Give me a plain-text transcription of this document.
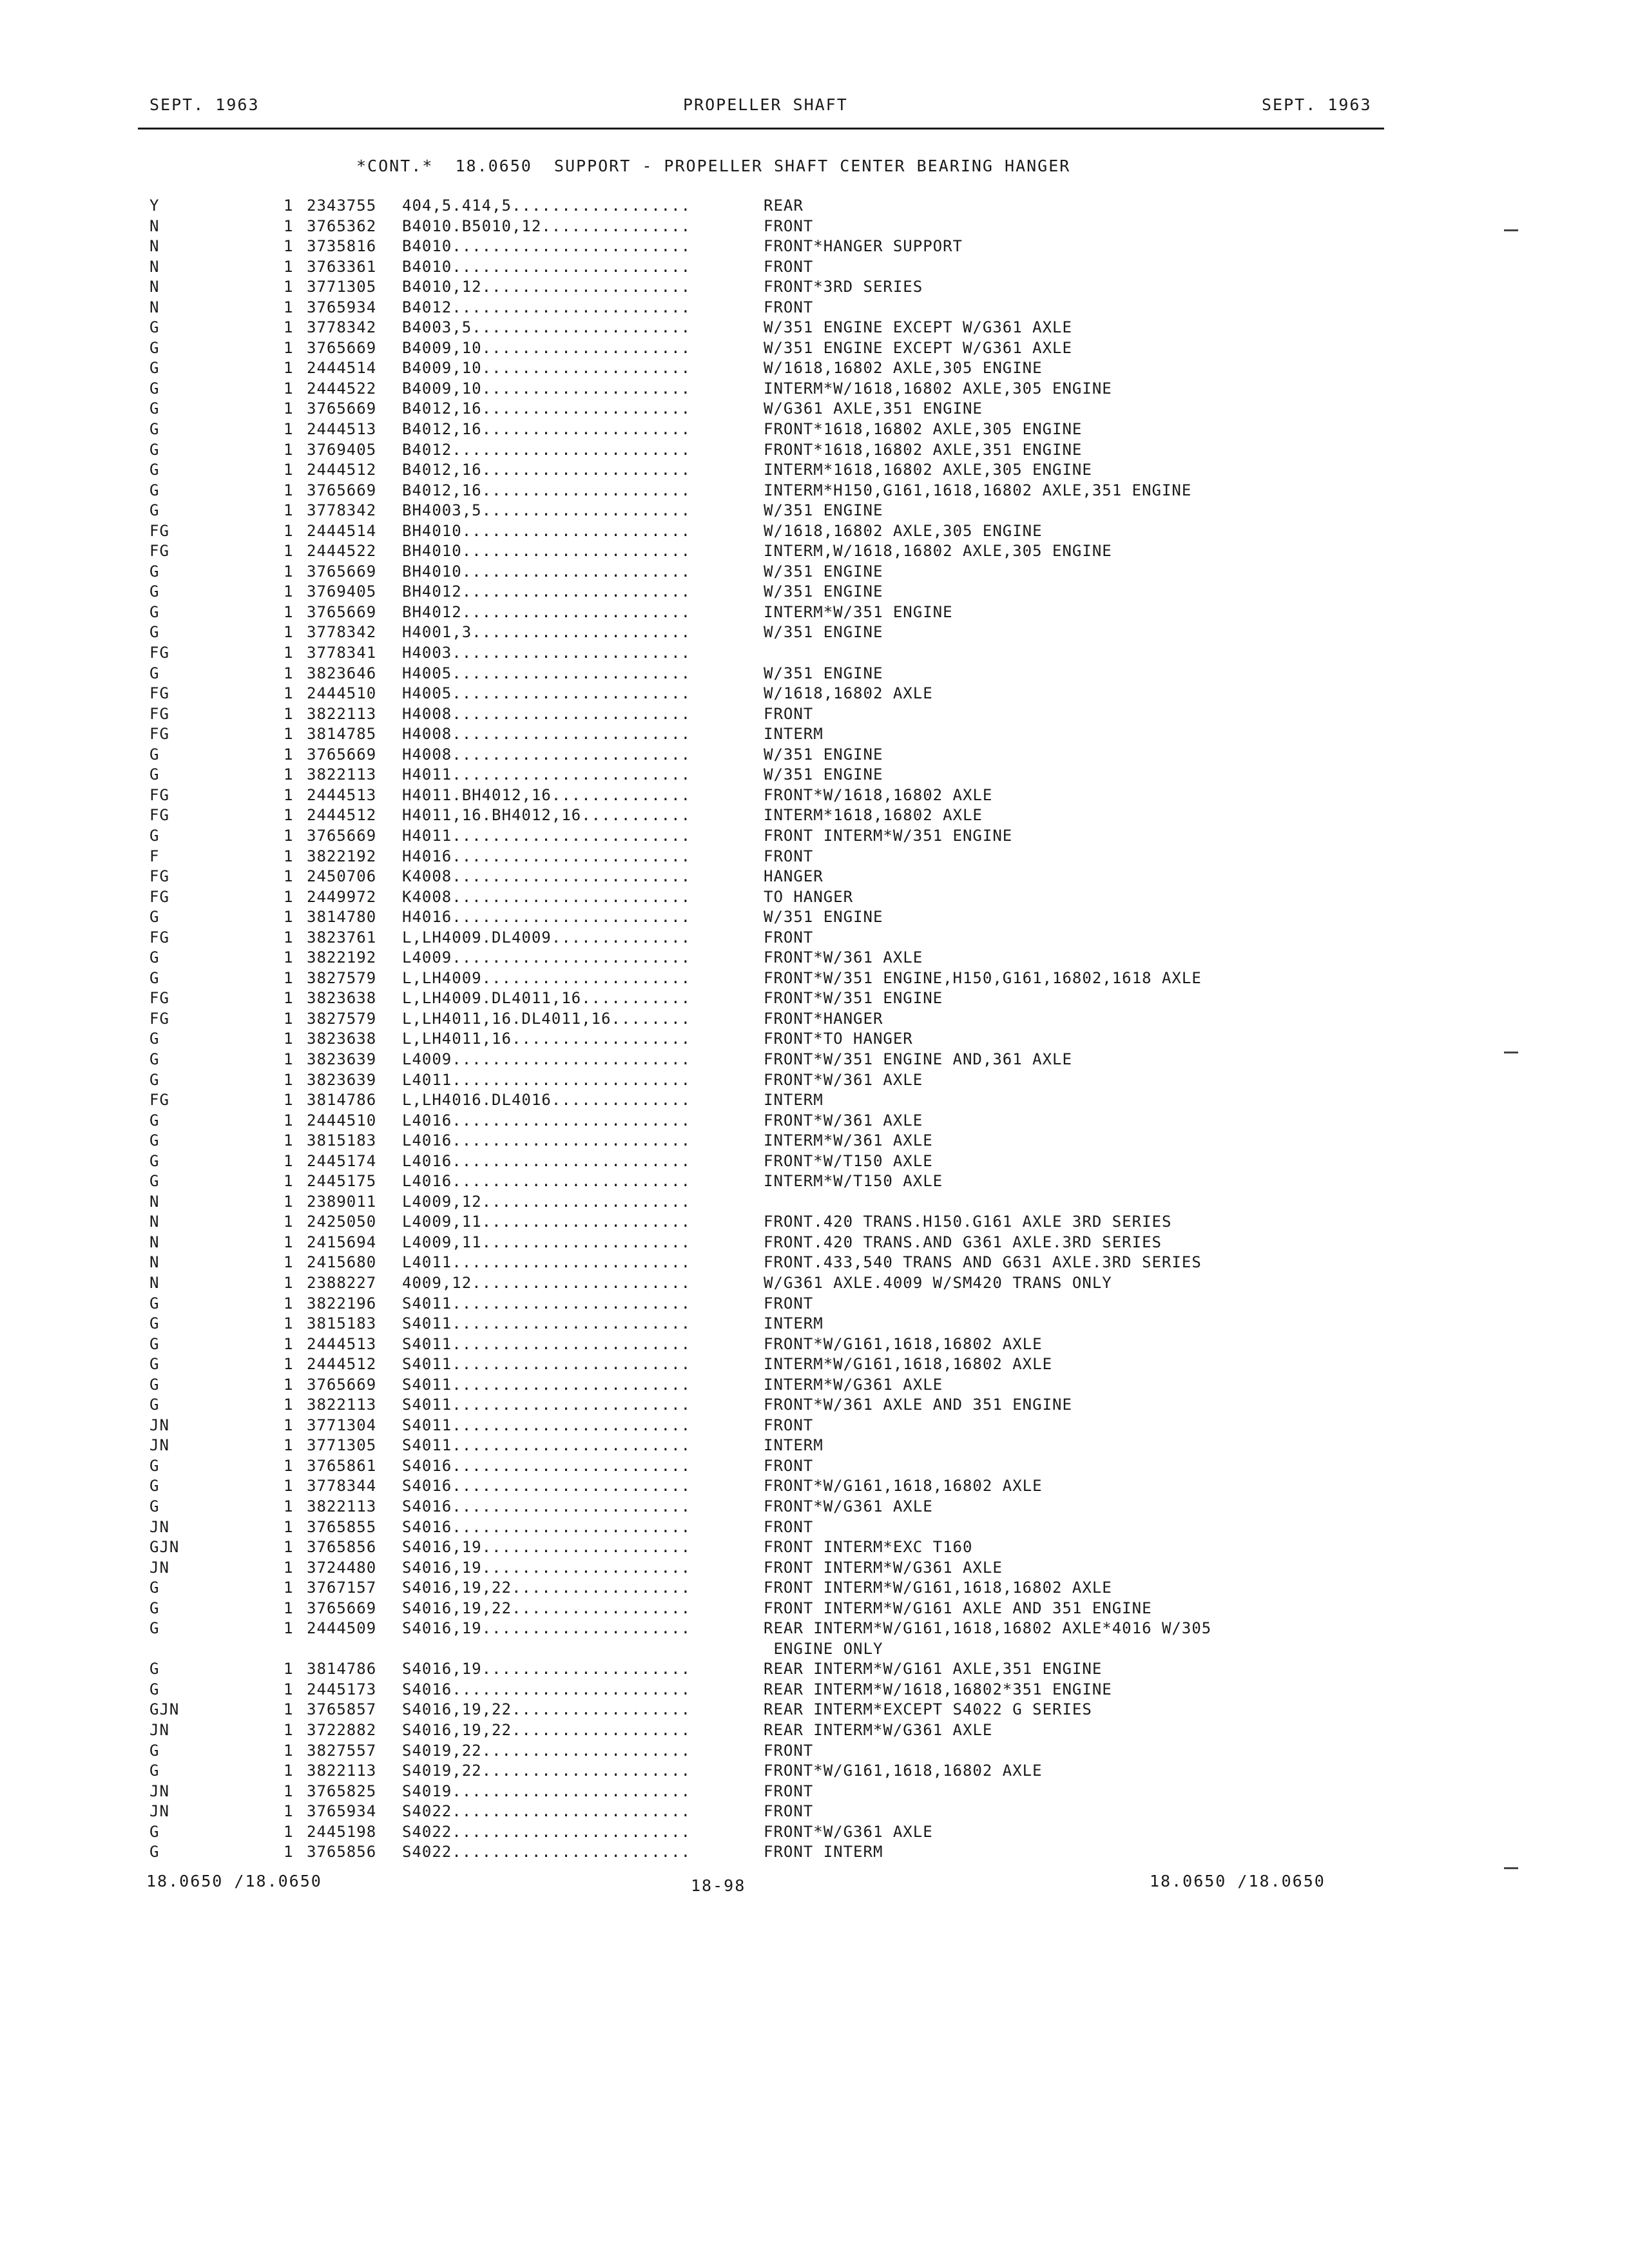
SEPT. 1963	PROPELLER SHAFT	SEPT. 1963
*CONT.*  18.0650  SUPPORT - PROPELLER SHAFT CENTER BEARING HANGER
Y	1 2343755 404,5.414,5..................	REAR
N	1 3765362 B4010.B5010,12...............	FRONT
N	1 3735816 B4010........................	FRONT*HANGER SUPPORT
N	1 3763361 B4010........................	FRONT
N	1 3771305 B4010,12.....................	FRONT*3RD SERIES
N	1 3765934 B4012........................	FRONT
G	1 3778342 B4003,5......................	W/351 ENGINE EXCEPT W/G361 AXLE
G	1 3765669 B4009,10.....................	W/351 ENGINE EXCEPT W/G361 AXLE
G	1 2444514 B4009,10.....................	W/1618,16802 AXLE,305 ENGINE
G	1 2444522 B4009,10.....................	INTERM*W/1618,16802 AXLE,305 ENGINE
G	1 3765669 B4012,16.....................	W/G361 AXLE,351 ENGINE
G	1 2444513 B4012,16.....................	FRONT*1618,16802 AXLE,305 ENGINE
G	1 3769405 B4012........................	FRONT*1618,16802 AXLE,351 ENGINE
G	1 2444512 B4012,16.....................	INTERM*1618,16802 AXLE,305 ENGINE
G	1 3765669 B4012,16.....................	INTERM*H150,G161,1618,16802 AXLE,351 ENGINE
G	1 3778342 BH4003,5.....................	W/351 ENGINE
FG	1 2444514 BH4010.......................	W/1618,16802 AXLE,305 ENGINE
FG	1 2444522 BH4010.......................	INTERM,W/1618,16802 AXLE,305 ENGINE
G	1 3765669 BH4010.......................	W/351 ENGINE
G	1 3769405 BH4012.......................	W/351 ENGINE
G	1 3765669 BH4012.......................	INTERM*W/351 ENGINE
G	1 3778342 H4001,3......................	W/351 ENGINE
FG	1 3778341 H4003........................
G	1 3823646 H4005........................	W/351 ENGINE
FG	1 2444510 H4005........................	W/1618,16802 AXLE
FG	1 3822113 H4008........................	FRONT
FG	1 3814785 H4008........................	INTERM
G	1 3765669 H4008........................	W/351 ENGINE
G	1 3822113 H4011........................	W/351 ENGINE
FG	1 2444513 H4011.BH4012,16..............	FRONT*W/1618,16802 AXLE
FG	1 2444512 H4011,16.BH4012,16...........	INTERM*1618,16802 AXLE
G	1 3765669 H4011........................	FRONT INTERM*W/351 ENGINE
F	1 3822192 H4016........................	FRONT
FG	1 2450706 K4008........................	HANGER
FG	1 2449972 K4008........................	TO HANGER
G	1 3814780 H4016........................	W/351 ENGINE
FG	1 3823761 L,LH4009.DL4009..............	FRONT
G	1 3822192 L4009........................	FRONT*W/361 AXLE
G	1 3827579 L,LH4009.....................	FRONT*W/351 ENGINE,H150,G161,16802,1618 AXLE
FG	1 3823638 L,LH4009.DL4011,16...........	FRONT*W/351 ENGINE
FG	1 3827579 L,LH4011,16.DL4011,16........	FRONT*HANGER
G	1 3823638 L,LH4011,16..................	FRONT*TO HANGER
G	1 3823639 L4009........................	FRONT*W/351 ENGINE AND,361 AXLE
G	1 3823639 L4011........................	FRONT*W/361 AXLE
FG	1 3814786 L,LH4016.DL4016..............	INTERM
G	1 2444510 L4016........................	FRONT*W/361 AXLE
G	1 3815183 L4016........................	INTERM*W/361 AXLE
G	1 2445174 L4016........................	FRONT*W/T150 AXLE
G	1 2445175 L4016........................	INTERM*W/T150 AXLE
N	1 2389011 L4009,12.....................
N	1 2425050 L4009,11.....................	FRONT.420 TRANS.H150.G161 AXLE 3RD SERIES
N	1 2415694 L4009,11.....................	FRONT.420 TRANS.AND G361 AXLE.3RD SERIES
N	1 2415680 L4011........................	FRONT.433,540 TRANS AND G631 AXLE.3RD SERIES
N	1 2388227 4009,12......................	W/G361 AXLE.4009 W/SM420 TRANS ONLY
G	1 3822196 S4011........................	FRONT
G	1 3815183 S4011........................	INTERM
G	1 2444513 S4011........................	FRONT*W/G161,1618,16802 AXLE
G	1 2444512 S4011........................	INTERM*W/G161,1618,16802 AXLE
G	1 3765669 S4011........................	INTERM*W/G361 AXLE
G	1 3822113 S4011........................	FRONT*W/361 AXLE AND 351 ENGINE
JN	1 3771304 S4011........................	FRONT
JN	1 3771305 S4011........................	INTERM
G	1 3765861 S4016........................	FRONT
G	1 3778344 S4016........................	FRONT*W/G161,1618,16802 AXLE
G	1 3822113 S4016........................	FRONT*W/G361 AXLE
JN	1 3765855 S4016........................	FRONT
GJN	1 3765856 S4016,19.....................	FRONT INTERM*EXC T160
JN	1 3724480 S4016,19.....................	FRONT INTERM*W/G361 AXLE
G	1 3767157 S4016,19,22..................	FRONT INTERM*W/G161,1618,16802 AXLE
G	1 3765669 S4016,19,22..................	FRONT INTERM*W/G161 AXLE AND 351 ENGINE
G	1 2444509 S4016,19.....................	REAR INTERM*W/G161,1618,16802 AXLE*4016 W/305
ENGINE ONLY
G	1 3814786 S4016,19.....................	REAR INTERM*W/G161 AXLE,351 ENGINE
G	1 2445173 S4016........................	REAR INTERM*W/1618,16802*351 ENGINE
GJN	1 3765857 S4016,19,22..................	REAR INTERM*EXCEPT S4022 G SERIES
JN	1 3722882 S4016,19,22..................	REAR INTERM*W/G361 AXLE
G	1 3827557 S4019,22.....................	FRONT
G	1 3822113 S4019,22.....................	FRONT*W/G161,1618,16802 AXLE
JN	1 3765825 S4019........................	FRONT
JN	1 3765934 S4022........................	FRONT
G	1 2445198 S4022........................	FRONT*W/G361 AXLE
G	1 3765856 S4022........................	FRONT INTERM
18.0650 /18.0650	18-98	18.0650 /18.0650
